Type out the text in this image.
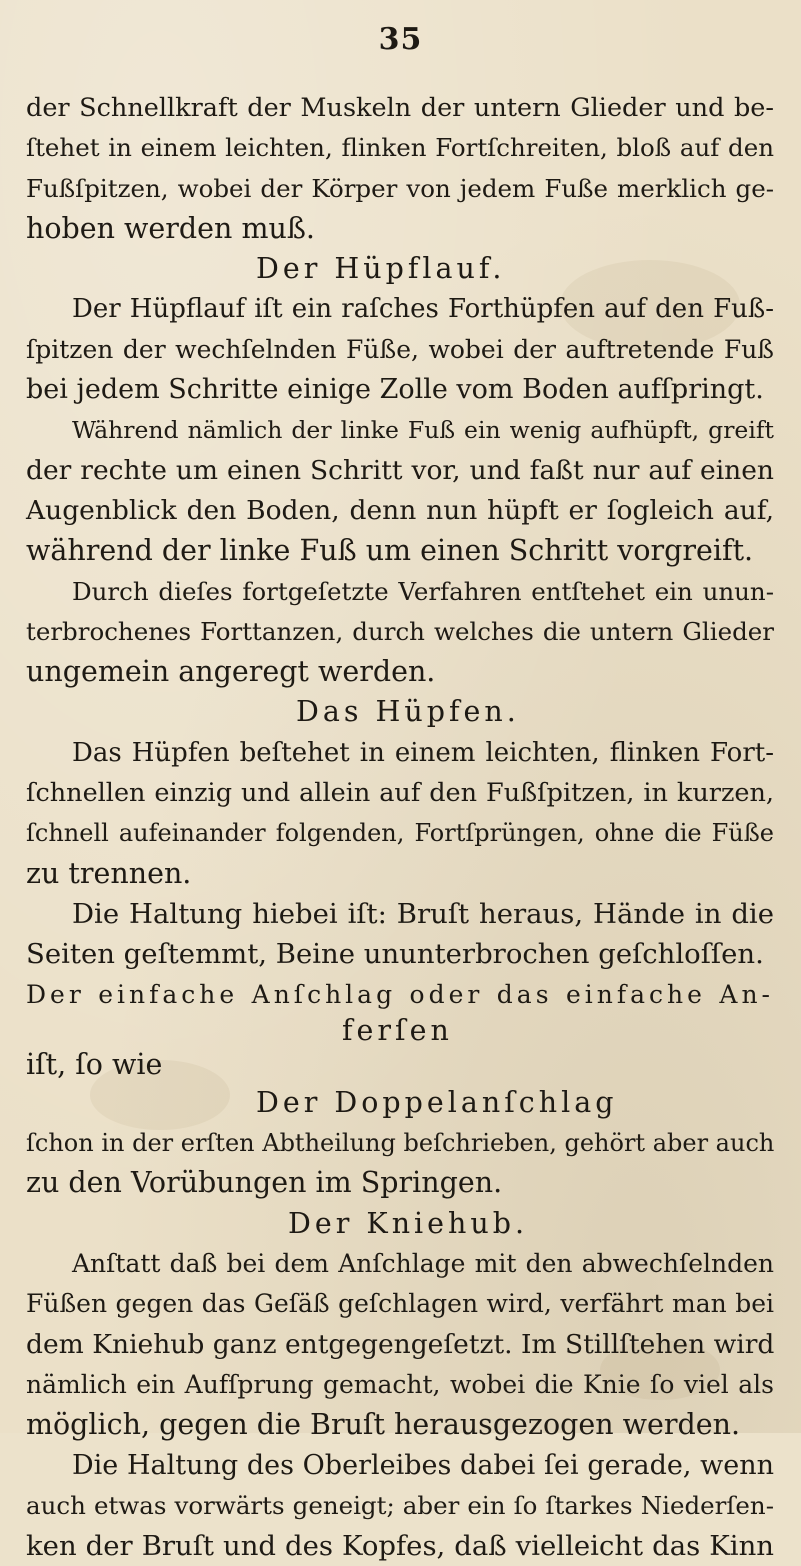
35
der Schnellkraft der Muskeln der untern Glieder und be-
ſtehet in einem leichten, flinken Fortſchreiten, bloß auf den
Fußſpitzen, wobei der Körper von jedem Fuße merklich ge-
hoben werden muß.
Der Hüpflauf.
Der Hüpflauf iſt ein raſches Forthüpfen auf den Fuß-
ſpitzen der wechſelnden Füße, wobei der auftretende Fuß
bei jedem Schritte einige Zolle vom Boden aufſpringt.
Während nämlich der linke Fuß ein wenig aufhüpft, greift
der rechte um einen Schritt vor, und faßt nur auf einen
Augenblick den Boden, denn nun hüpft er ſogleich auf,
während der linke Fuß um einen Schritt vorgreift.
Durch dieſes fortgeſetzte Verfahren entſtehet ein unun-
terbrochenes Forttanzen, durch welches die untern Glieder
ungemein angeregt werden.
Das Hüpfen.
Das Hüpfen beſtehet in einem leichten, flinken Fort-
ſchnellen einzig und allein auf den Fußſpitzen, in kurzen,
ſchnell aufeinander folgenden, Fortſprüngen, ohne die Füße
zu trennen.
Die Haltung hiebei iſt: Bruſt heraus, Hände in die
Seiten geſtemmt, Beine ununterbrochen geſchloſſen.
Der einfache Anſchlag oder das einfache An-
ferſen
iſt, ſo wie
Der Doppelanſchlag
ſchon in der erſten Abtheilung beſchrieben, gehört aber auch
zu den Vorübungen im Springen.
Der Kniehub.
Anſtatt daß bei dem Anſchlage mit den abwechſelnden
Füßen gegen das Geſäß geſchlagen wird, verfährt man bei
dem Kniehub ganz entgegengeſetzt. Im Stillſtehen wird
nämlich ein Aufſprung gemacht, wobei die Knie ſo viel als
möglich, gegen die Bruſt herausgezogen werden.
Die Haltung des Oberleibes dabei ſei gerade, wenn
auch etwas vorwärts geneigt; aber ein ſo ſtarkes Niederſen-
ken der Bruſt und des Kopfes, daß vielleicht das Kinn
